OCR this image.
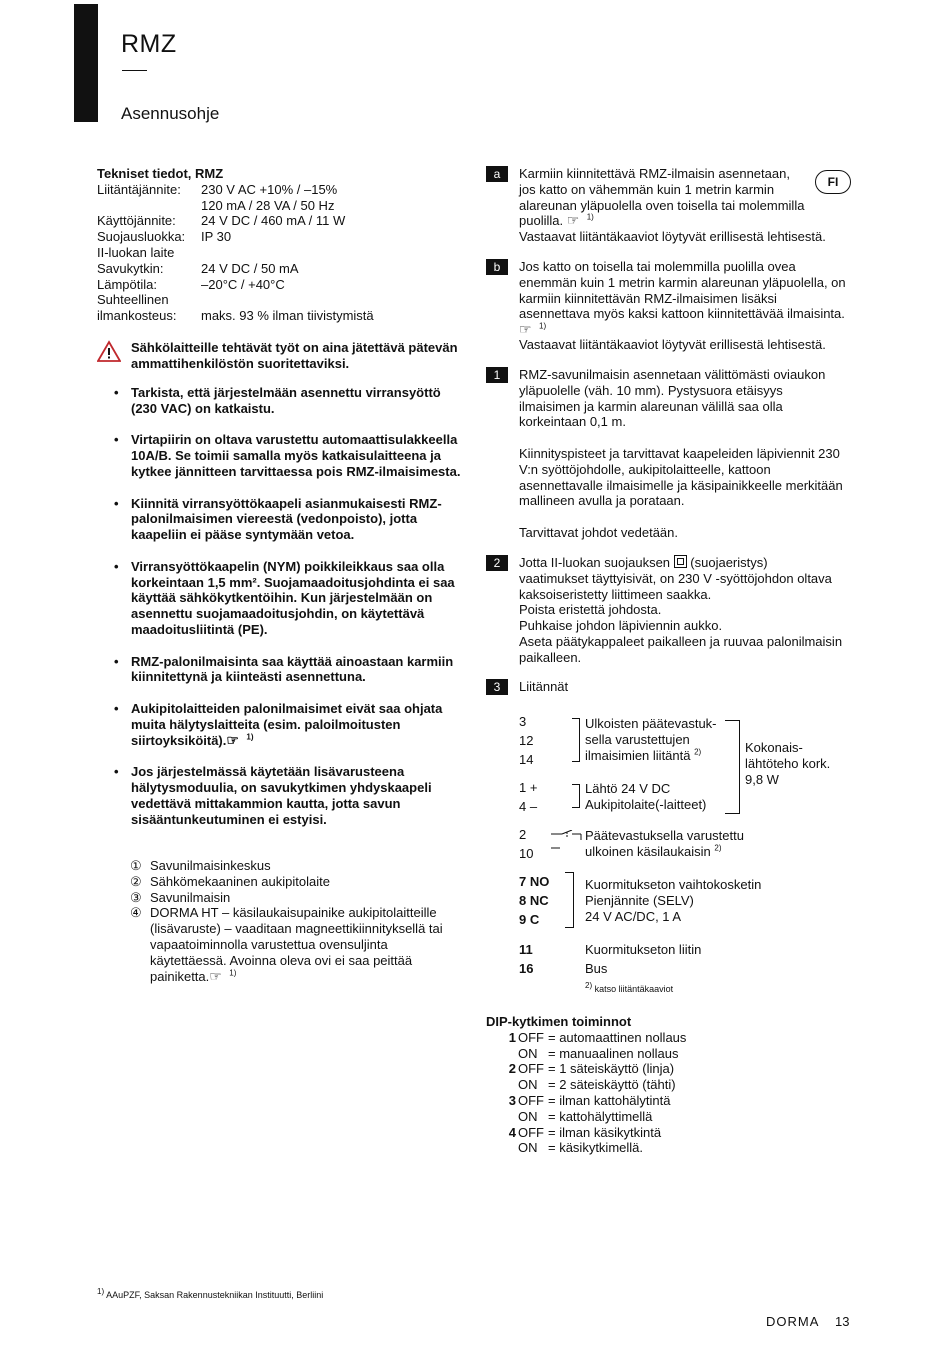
RMZ
Asennusohje
Tekniset tiedot, RMZ
Liitäntäjännite:	230 V AC +10% / –15%
120 mA / 28 VA / 50 Hz
Käyttöjännite:	24 V DC / 460 mA / 11 W
Suojausluokka:	IP 30
II-luokan laite
Savukytkin:	24 V DC / 50 mA
Lämpötila:	–20°C / +40°C
Suhteellinen
ilmankosteus:	maks. 93 % ilman tiivistymistä
Sähkölaitteille tehtävät työt on aina jätettävä pätevän ammattihenkilöstön suoritettaviksi.
• Tarkista, että järjestelmään asennettu virransyöttö (230 VAC) on katkaistu.
• Virtapiirin on oltava varustettu automaattisulakkeella 10A/B. Se toimii samalla myös katkaisulaitteena ja kytkee jännitteen tarvittaessa pois RMZ-ilmaisimesta.
• Kiinnitä virransyöttökaapeli asianmukaisesti RMZ-palonilmaisimen viereestä (vedonpoisto), jotta kaapeliin ei pääse syntymään vetoa.
• Virransyöttökaapelin (NYM) poikkileikkaus saa olla korkeintaan 1,5 mm². Suojamaadoitusjohdinta ei saa käyttää sähkökytkentöihin. Kun järjestelmään on asennettu suojamaadoitusjohdin, on käytettävä maadoitusliitintä (PE).
• RMZ-palonilmaisinta saa käyttää ainoastaan karmiin kiinnitettynä ja kiinteästi asennettuna.
• Aukipitolaitteiden palonilmaisimet eivät saa ohjata muita hälytyslaitteita (esim. paloilmoitusten siirtoyksiköitä).☞ $^{1)}$
• Jos järjestelmässä käytetään lisävarusteena hälytysmoduulia, on savukytkimen yhdyskaapeli vedettävä mittakammion kautta, jotta savun sisääntunkeutuminen ei estyisi.
① Savunilmaisinkeskus
② Sähkömekaaninen aukipitolaite
③ Savunilmaisin
④ DORMA HT – käsilaukaisupainike aukipitolaitteille (lisävaruste) – vaaditaan magneettikiinnityksellä tai vapaatoiminnolla varustettua ovensuljinta käytettäessä. Avoinna oleva ovi ei saa peittää painiketta.☞ $^{1)}$
FI
a	Karmiin kiinnitettävä RMZ-ilmaisin asennetaan, jos katto on vähemmän kuin 1 metrin karmin alareunan yläpuolella oven toisella tai molemmilla puolilla. ☞ $^{1)}$
Vastaavat liitäntäkaaviot löytyvät erillisestä lehtisestä.
b	Jos katto on toisella tai molemmilla puolilla ovea enemmän kuin 1 metrin karmin alareunan yläpuolella, on karmiin kiinnitettävän RMZ-ilmaisimen lisäksi asennettava myös kaksi kattoon kiinnitettävää ilmaisinta. ☞ $^{1)}$
Vastaavat liitäntäkaaviot löytyvät erillisestä lehtisestä.
1	RMZ-savunilmaisin asennetaan välittömästi oviaukon yläpuolelle (väh. 10 mm). Pystysuora etäisyys ilmaisimen ja karmin alareunan välillä saa olla korkeintaan 0,1 m.
Kiinnityspisteet ja tarvittavat kaapeleiden läpiviennit 230 V:n syöttöjohdolle, aukipitolaitteelle, kattoon asennettavalle ilmaisimelle ja käsipainikkeelle merkitään mallineen avulla ja porataan.
Tarvittavat johdot vedetään.
2	Jotta II-luokan suojauksen (suojaeristys)
vaatimukset täyttyisivät, on 230 V -syöttöjohdon oltava kaksoiseristetty liittimeen saakka.
Poista eristettä johdosta.
Puhkaise johdon läpiviennin aukko.
Aseta päätykappaleet paikalleen ja ruuvaa palonilmaisin paikalleen.
3	Liitännät
3
12
14
Ulkoisten päätevastuk-
sella varustettujen
ilmaisimien liitäntä $^{2)}$
1 +
4 –
Lähtö 24 V DC
Aukipitolaite(-laitteet)
Kokonais-
lähtöteho kork.
9,8 W
2
10
Päätevastuksella varustettu
ulkoinen käsilaukaisin $^{2)}$
7 NO
8 NC
9 C
Kuormitukseton vaihtokosketin
Pienjännite (SELV)
24 V AC/DC, 1 A
11	Kuormitukseton liitin
16	Bus
2) katso liitäntäkaaviot
DIP-kytkimen toiminnot
1 OFF = automaattinen nollaus
ON = manuaalinen nollaus
2 OFF = 1 säteiskäyttö (linja)
ON = 2 säteiskäyttö (tähti)
3 OFF = ilman kattohälytintä
ON = kattohälyttimellä
4 OFF = ilman käsikytkintä
ON = käsikytkimellä.
1) AAuPZF, Saksan Rakennustekniikan Instituutti, Berliini
DORMA 13
